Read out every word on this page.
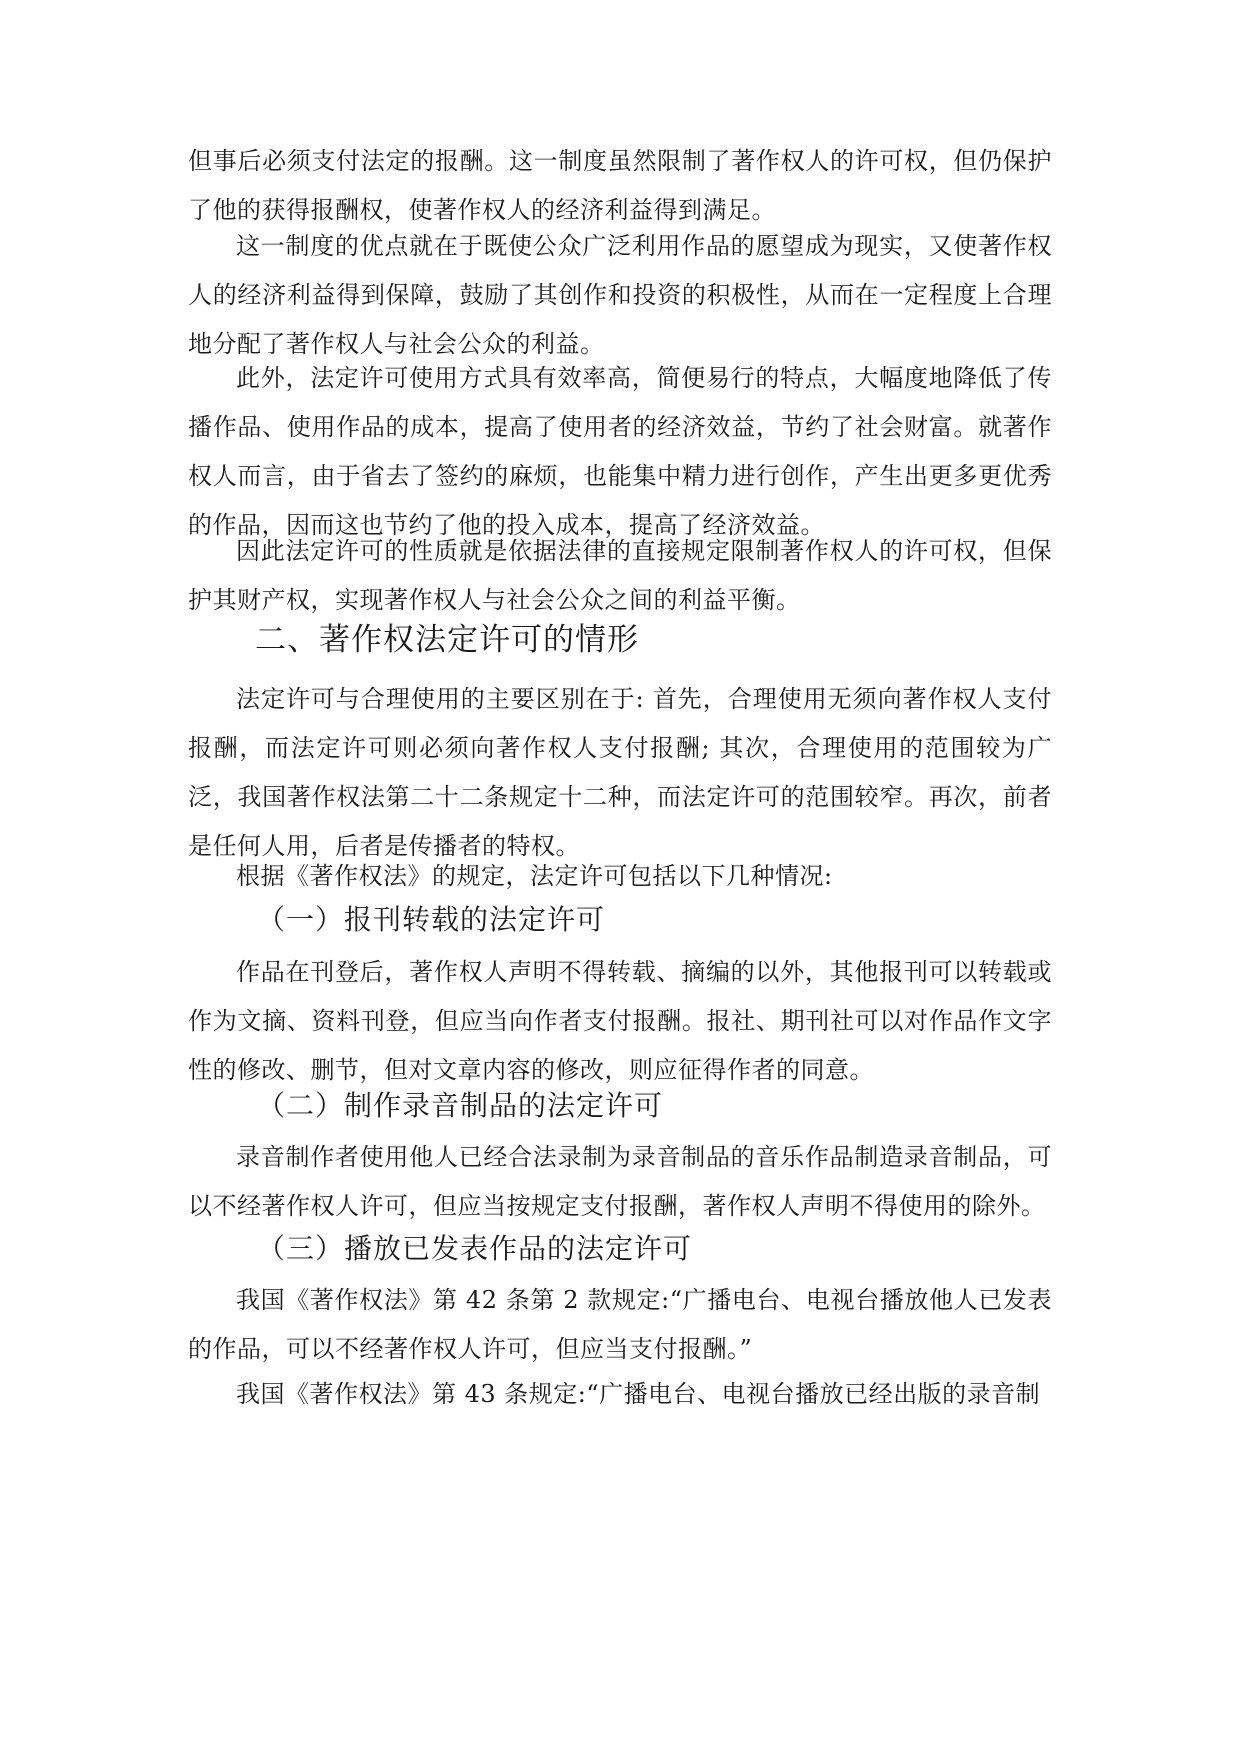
但事后必须支付法定的报酬。这一制度虽然限制了著作权人的许可权，但仍保护了他的获得报酬权，使著作权人的经济利益得到满足。

这一制度的优点就在于既使公众广泛利用作品的愿望成为现实，又使著作权人的经济利益得到保障，鼓励了其创作和投资的积极性，从而在一定程度上合理地分配了著作权人与社会公众的利益。

此外，法定许可使用方式具有效率高，简便易行的特点，大幅度地降低了传播作品、使用作品的成本，提高了使用者的经济效益，节约了社会财富。就著作权人而言，由于省去了签约的麻烦，也能集中精力进行创作，产生出更多更优秀的作品，因而这也节约了他的投入成本，提高了经济效益。

因此法定许可的性质就是依据法律的直接规定限制著作权人的许可权，但保护其财产权，实现著作权人与社会公众之间的利益平衡。

二、著作权法定许可的情形

法定许可与合理使用的主要区别在于: 首先，合理使用无须向著作权人支付报酬，而法定许可则必须向著作权人支付报酬; 其次，合理使用的范围较为广泛，我国著作权法第二十二条规定十二种，而法定许可的范围较窄。再次，前者是任何人用，后者是传播者的特权。

根据《著作权法》的规定，法定许可包括以下几种情况:

（一）报刊转载的法定许可

作品在刊登后，著作权人声明不得转载、摘编的以外，其他报刊可以转载或作为文摘、资料刊登，但应当向作者支付报酬。报社、期刊社可以对作品作文字性的修改、删节，但对文章内容的修改，则应征得作者的同意。

（二）制作录音制品的法定许可

录音制作者使用他人已经合法录制为录音制品的音乐作品制造录音制品，可以不经著作权人许可，但应当按规定支付报酬，著作权人声明不得使用的除外。

（三）播放已发表作品的法定许可

我国《著作权法》第 42 条第 2 款规定:“广播电台、电视台播放他人已发表的作品，可以不经著作权人许可，但应当支付报酬。”

我国《著作权法》第 43 条规定:“广播电台、电视台播放已经出版的录音制
